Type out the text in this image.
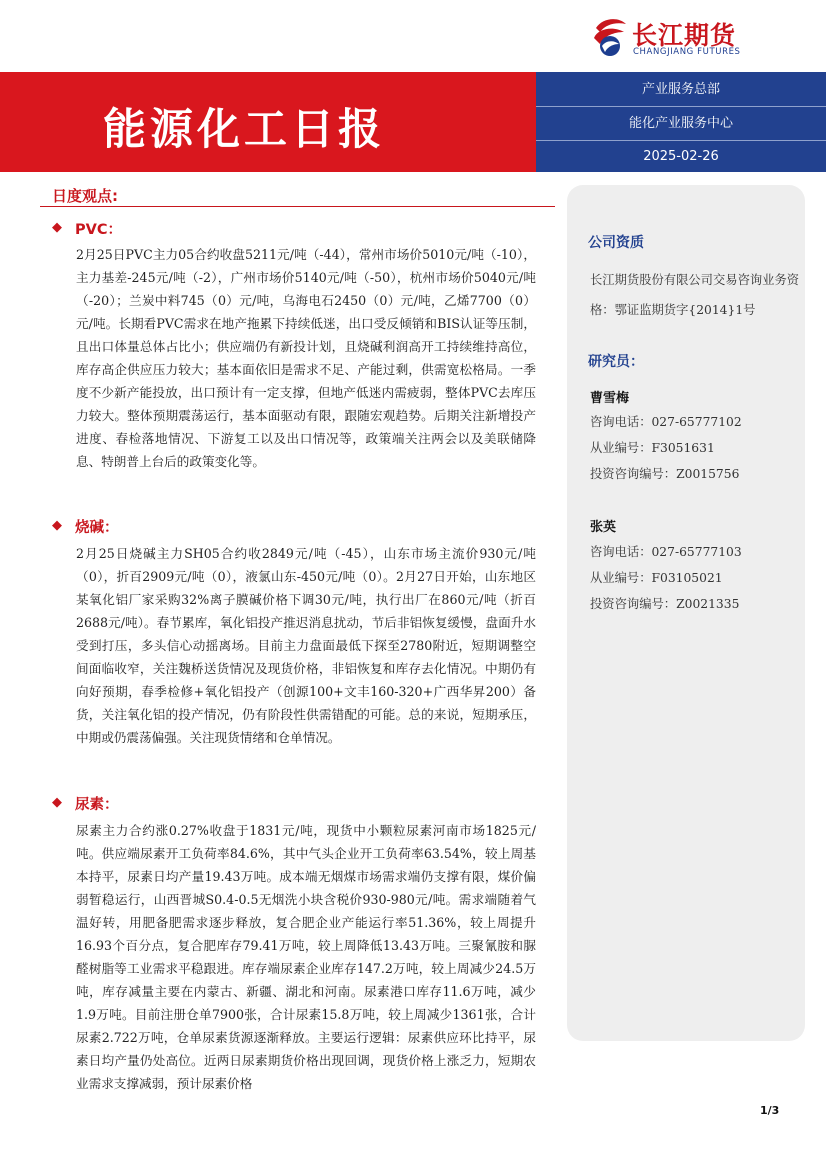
长江期货
CHANGJIANG FUTURES
能源化工日报
产业服务总部
能化产业服务中心
2025-02-26
日度观点:
◆ PVC：
2月25日PVC主力05合约收盘5211元/吨（-44），常州市场价5010元/吨（-10），主力基差-245元/吨（-2），广州市场价5140元/吨（-50），杭州市场价5040元/吨（-20）；兰炭中料745（0）元/吨，乌海电石2450（0）元/吨，乙烯7700（0）元/吨。长期看PVC需求在地产拖累下持续低迷，出口受反倾销和BIS认证等压制，且出口体量总体占比小；供应端仍有新投计划，且烧碱利润高开工持续维持高位，库存高企供应压力较大；基本面依旧是需求不足、产能过剩，供需宽松格局。一季度不少新产能投放，出口预计有一定支撑，但地产低迷内需疲弱，整体PVC去库压力较大。整体预期震荡运行，基本面驱动有限，跟随宏观趋势。后期关注新增投产进度、春检落地情况、下游复工以及出口情况等，政策端关注两会以及美联储降息、特朗普上台后的政策变化等。
◆ 烧碱：
2月25日烧碱主力SH05合约收2849元/吨（-45），山东市场主流价930元/吨（0），折百2909元/吨（0），液氯山东-450元/吨（0）。2月27日开始，山东地区某氧化铝厂家采购32%离子膜碱价格下调30元/吨，执行出厂在860元/吨（折百2688元/吨）。春节累库，氧化铝投产推迟消息扰动，节后非铝恢复缓慢，盘面升水受到打压，多头信心动摇离场。目前主力盘面最低下探至2780附近，短期调整空间面临收窄，关注魏桥送货情况及现货价格，非铝恢复和库存去化情况。中期仍有向好预期，春季检修+氧化铝投产（创源100+文丰160-320+广西华昇200）备货，关注氧化铝的投产情况，仍有阶段性供需错配的可能。总的来说，短期承压，中期或仍震荡偏强。关注现货情绪和仓单情况。
◆ 尿素：
尿素主力合约涨0.27%收盘于1831元/吨，现货中小颗粒尿素河南市场1825元/吨。供应端尿素开工负荷率84.6%，其中气头企业开工负荷率63.54%，较上周基本持平，尿素日均产量19.43万吨。成本端无烟煤市场需求端仍支撑有限，煤价偏弱暂稳运行，山西晋城S0.4-0.5无烟洗小块含税价930-980元/吨。需求端随着气温好转，用肥备肥需求逐步释放，复合肥企业产能运行率51.36%，较上周提升16.93个百分点，复合肥库存79.41万吨，较上周降低13.43万吨。三聚氰胺和脲醛树脂等工业需求平稳跟进。库存端尿素企业库存147.2万吨，较上周减少24.5万吨，库存减量主要在内蒙古、新疆、湖北和河南。尿素港口库存11.6万吨，减少1.9万吨。目前注册仓单7900张，合计尿素15.8万吨，较上周减少1361张，合计尿素2.722万吨，仓单尿素货源逐渐释放。主要运行逻辑：尿素供应环比持平，尿素日均产量仍处高位。近两日尿素期货价格出现回调，现货价格上涨乏力，短期农业需求支撑减弱，预计尿素价格
公司资质
长江期货股份有限公司交易咨询业务资格：鄂证监期货字{2014}1号
研究员：
曹雪梅
咨询电话：027-65777102
从业编号：F3051631
投资咨询编号：Z0015756
张英
咨询电话：027-65777103
从业编号：F03105021
投资咨询编号：Z0021335
1/3
